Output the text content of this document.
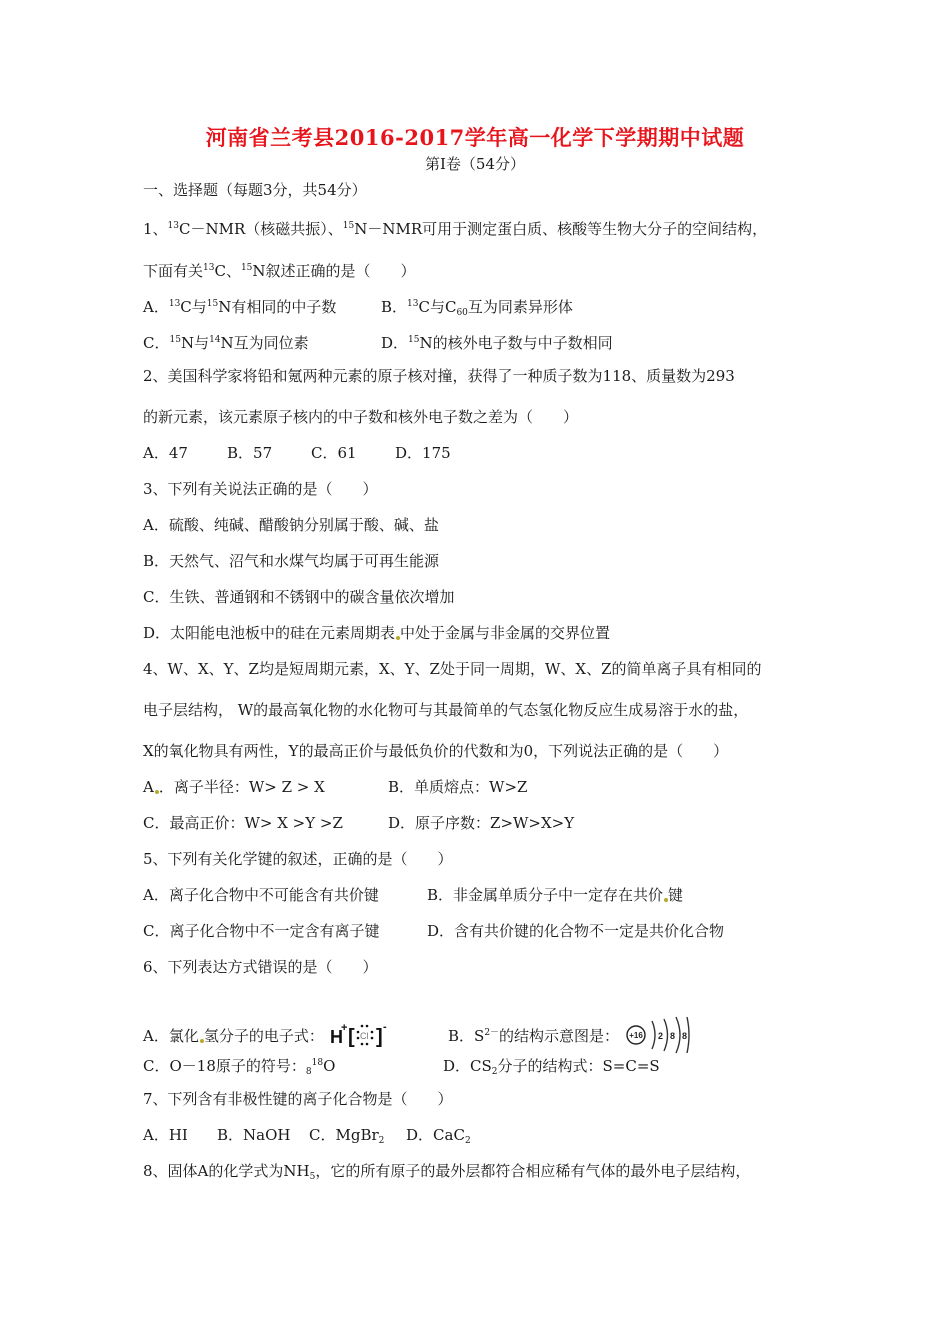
河南省兰考县2016-2017学年高一化学下学期期中试题
第Ⅰ卷（54分）
一、选择题（每题3分，共54分）
1、$^{13}$C－NMR（核磁共振）、$^{15}$N－NMR可用于测定蛋白质、核酸等生物大分子的空间结构，
下面有关$^{13}$C、$^{15}$N叙述正确的是（　　）
A．$^{13}$C与$^{15}$N有相同的中子数	B．$^{13}$C与$C_{60}$互为同素异形体
C．$^{15}$N与$^{14}$N互为同位素	D．$^{15}$N的核外电子数与中子数相同
2、美国科学家将铅和氪两种元素的原子核对撞，获得了一种质子数为118、质量数为293
的新元素，该元素原子核内的中子数和核外电子数之差为（　　）
A．47	B．57	C．61	D．175
3、下列有关说法正确的是（　　）
A．硫酸、纯碱、醋酸钠分别属于酸、碱、盐
B．天然气、沼气和水煤气均属于可再生能源
C．生铁、普通钢和不锈钢中的碳含量依次增加
D．太阳能电池板中的硅在元素周期表 中处于金属与非金属的交界位置
4、W、X、Y、Z均是短周期元素，X、Y、Z处于同一周期，W、X、Z的简单离子具有相同的
电子层结构， W的最高氧化物的水化物可与其最简单的气态氢化物反应生成易溶于水的盐，
X的氧化物具有两性，Y的最高正价与最低负价的代数和为0，下列说法正确的是（　　）
A ．离子半径：W> Z > X	B．单质熔点：W>Z
C．最高正价：W> X >Y >Z	D．原子序数：Z>W>X>Y
5、下列有关化学键的叙述，正确的是（　　）
A．离子化合物中不可能含有共价键	B．非金属单质分子中一定存在共价 键
C．离子化合物中不一定含有离子键	D．含有共价键的化合物不一定是共价化合物
6、下列表达方式错误的是（　　）
A．氯化 氢分子的电子式： H
+ [ Cl ] -	B．$S^{2-}$的结构示意图是： +16 2 8 8
C．O－18原子的符号：$_8^{18}$O	D．$CS_2$分子的结构式：S=C=S
7、下列含有非极性键的离子化合物是（　　）
A．HI B．NaOH C．MgBr$_2$ D．CaC$_2$
8、固体A的化学式为$NH_5$，它的所有原子的最外层都符合相应稀有气体的最外电子层结构，
